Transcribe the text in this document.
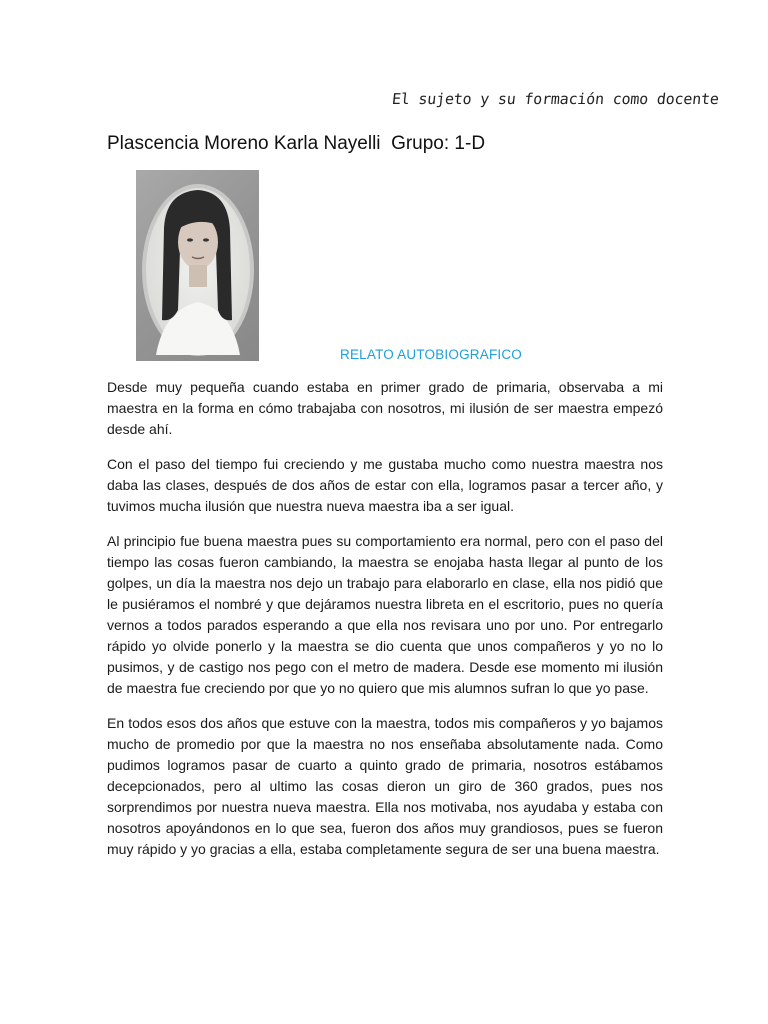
El sujeto y su formación como docente
Plascencia Moreno Karla Nayelli  Grupo: 1-D
RELATO AUTOBIOGRAFICO

Desde muy pequeña cuando estaba en primer grado de primaria, observaba a mi maestra en la forma en cómo trabajaba con nosotros, mi ilusión de ser maestra empezó desde ahí.

Con el paso del tiempo fui creciendo y me gustaba mucho como nuestra maestra nos daba las clases, después de dos años de estar con ella, logramos pasar a tercer año, y tuvimos mucha ilusión que nuestra nueva maestra iba a ser igual.

Al principio fue buena maestra pues su comportamiento era normal, pero con el paso del tiempo las cosas fueron cambiando, la maestra se enojaba hasta llegar al punto de los golpes, un día la maestra nos dejo un trabajo para elaborarlo en clase, ella nos pidió que le pusiéramos el nombré y que dejáramos nuestra libreta en el escritorio, pues no quería vernos a todos parados esperando a que ella nos revisara uno por uno. Por entregarlo rápido yo olvide ponerlo y la maestra se dio cuenta que unos compañeros y yo no lo pusimos, y de castigo nos pego con el metro de madera. Desde ese momento mi ilusión de maestra fue creciendo por que yo no quiero que mis alumnos sufran lo que yo pase.

En todos esos dos años que estuve con la maestra, todos mis compañeros y yo bajamos mucho de promedio por que la maestra no nos enseñaba absolutamente nada. Como pudimos logramos pasar de cuarto a quinto grado de primaria, nosotros estábamos decepcionados, pero al ultimo las cosas dieron un giro de 360 grados, pues nos sorprendimos por nuestra nueva maestra. Ella nos motivaba, nos ayudaba y estaba con nosotros apoyándonos en lo que sea, fueron dos años muy grandiosos, pues se fueron muy rápido y yo gracias a ella, estaba completamente segura de ser una buena maestra.
